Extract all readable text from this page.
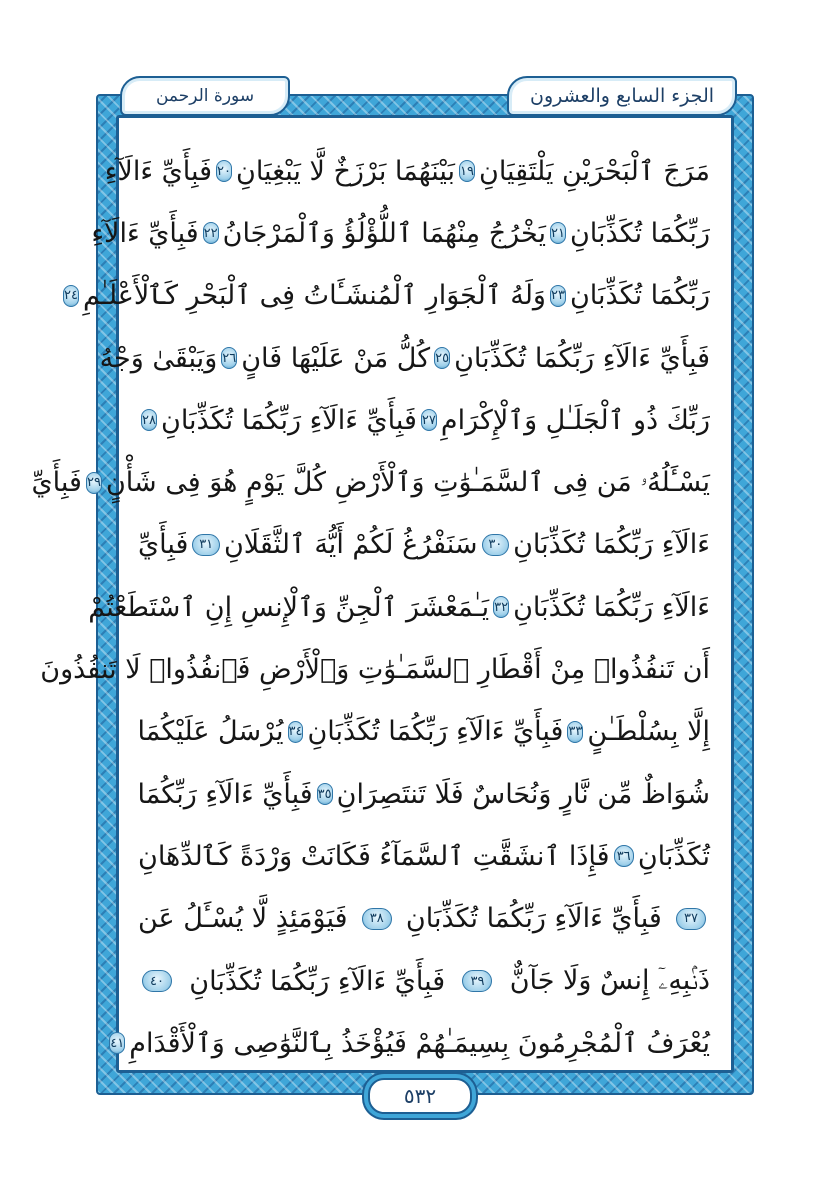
الجزء السابع والعشرون
سورة الرحمن
مَرَجَ ٱلْبَحْرَيْنِ يَلْتَقِيَانِ
١٩
بَيْنَهُمَا بَرْزَخٌ لَّا يَبْغِيَانِ
٢٠
فَبِأَيِّ ءَالَآءِ
رَبِّكُمَا تُكَذِّبَانِ
٢١
يَخْرُجُ مِنْهُمَا ٱللُّؤْلُؤُ وَٱلْمَرْجَانُ
٢٢
فَبِأَيِّ ءَالَآءِ
رَبِّكُمَا تُكَذِّبَانِ
٢٣
وَلَهُ ٱلْجَوَارِ ٱلْمُنشَـَٔاتُ فِى ٱلْبَحْرِ كَٱلْأَعْلَـٰمِ
٢٤
فَبِأَيِّ ءَالَآءِ رَبِّكُمَا تُكَذِّبَانِ
٢٥
كُلُّ مَنْ عَلَيْهَا فَانٍ
٢٦
وَيَبْقَىٰ وَجْهُ
رَبِّكَ ذُو ٱلْجَلَـٰلِ وَٱلْإِكْرَامِ
٢٧
فَبِأَيِّ ءَالَآءِ رَبِّكُمَا تُكَذِّبَانِ
٢٨
يَسْـَٔلُهُۥ مَن فِى ٱلسَّمَـٰوَٰتِ وَٱلْأَرْضِ كُلَّ يَوْمٍ هُوَ فِى شَأْنٍ
٢٩
فَبِأَيِّ
ءَالَآءِ رَبِّكُمَا تُكَذِّبَانِ
٣٠
سَنَفْرُغُ لَكُمْ أَيُّهَ ٱلثَّقَلَانِ
٣١
فَبِأَيِّ
ءَالَآءِ رَبِّكُمَا تُكَذِّبَانِ
٣٢
يَـٰمَعْشَرَ ٱلْجِنِّ وَٱلْإِنسِ إِنِ ٱسْتَطَعْتُمْ
أَن تَنفُذُوا۟ مِنْ أَقْطَارِ ٱلسَّمَـٰوَٰتِ وَٱلْأَرْضِ فَٱنفُذُوا۟ لَا تَنفُذُونَ
إِلَّا بِسُلْطَـٰنٍ
٣٣
فَبِأَيِّ ءَالَآءِ رَبِّكُمَا تُكَذِّبَانِ
٣٤
يُرْسَلُ عَلَيْكُمَا
شُوَاظٌ مِّن نَّارٍ وَنُحَاسٌ فَلَا تَنتَصِرَانِ
٣٥
فَبِأَيِّ ءَالَآءِ رَبِّكُمَا
تُكَذِّبَانِ
٣٦
فَإِذَا ٱنشَقَّتِ ٱلسَّمَآءُ فَكَانَتْ وَرْدَةً كَٱلدِّهَانِ
٣٧
فَبِأَيِّ ءَالَآءِ رَبِّكُمَا تُكَذِّبَانِ
٣٨
فَيَوْمَئِذٍ لَّا يُسْـَٔلُ عَن
ذَنۢبِهِۦٓ إِنسٌ وَلَا جَآنٌّ
٣٩
فَبِأَيِّ ءَالَآءِ رَبِّكُمَا تُكَذِّبَانِ
٤٠
يُعْرَفُ ٱلْمُجْرِمُونَ بِسِيمَـٰهُمْ فَيُؤْخَذُ بِٱلنَّوَٰصِى وَٱلْأَقْدَامِ
٤١
٥٣٢
